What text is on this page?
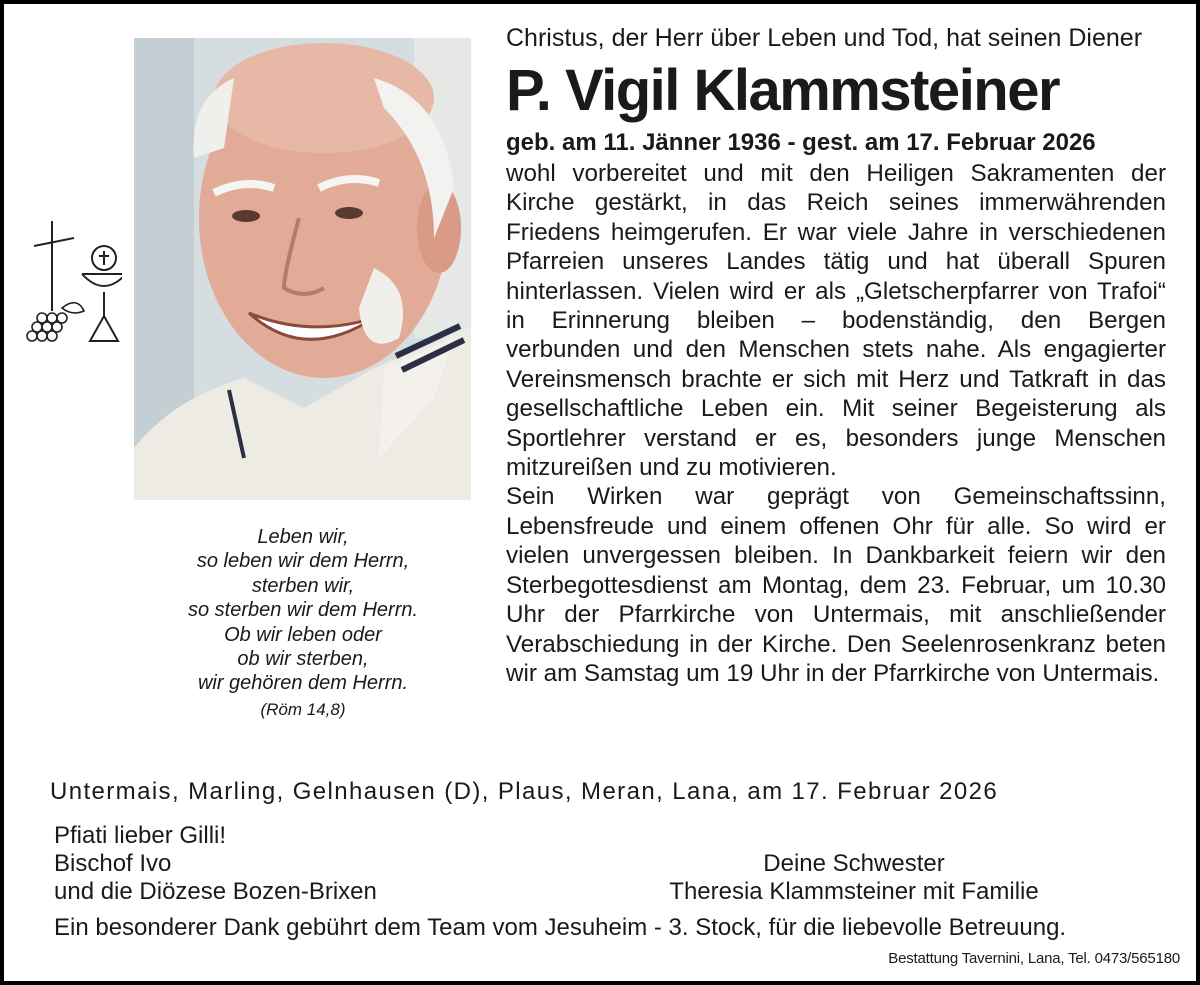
Leben wir,
so leben wir dem Herrn,
sterben wir,
so sterben wir dem Herrn.
Ob wir leben oder
ob wir sterben,
wir gehören dem Herrn.
(Röm 14,8)

Christus, der Herr über Leben und Tod, hat seinen Diener

P. Vigil Klammsteiner

geb. am 11. Jänner 1936 - gest. am 17. Februar 2026

wohl vorbereitet und mit den Heiligen Sakramenten der Kirche gestärkt, in das Reich seines immerwährenden Friedens heimgerufen. Er war viele Jahre in verschiedenen Pfarreien unseres Landes tätig und hat überall Spuren hinterlassen. Vielen wird er als „Gletscherpfarrer von Trafoi“ in Erinnerung bleiben – bodenständig, den Bergen verbunden und den Menschen stets nahe. Als engagierter Vereinsmensch brachte er sich mit Herz und Tatkraft in das gesellschaftliche Leben ein. Mit seiner Begeisterung als Sportlehrer verstand er es, besonders junge Menschen mitzureißen und zu motivieren.

Sein Wirken war geprägt von Gemeinschaftssinn, Lebensfreude und einem offenen Ohr für alle. So wird er vielen unvergessen bleiben. In Dankbarkeit feiern wir den Sterbegottesdienst am Montag, dem 23. Februar, um 10.30 Uhr der Pfarrkirche von Untermais, mit anschließender Verabschiedung in der Kirche. Den Seelenrosenkranz beten wir am Samstag um 19 Uhr in der Pfarrkirche von Untermais.

Untermais, Marling, Gelnhausen (D), Plaus, Meran, Lana, am 17. Februar 2026
Pfiati lieber Gilli!
Bischof Ivo
und die Diözese Bozen-Brixen
Deine Schwester
Theresia Klammsteiner mit Familie
Ein besonderer Dank gebührt dem Team vom Jesuheim - 3. Stock, für die liebevolle Betreuung.
Bestattung Tavernini, Lana, Tel. 0473/565180
